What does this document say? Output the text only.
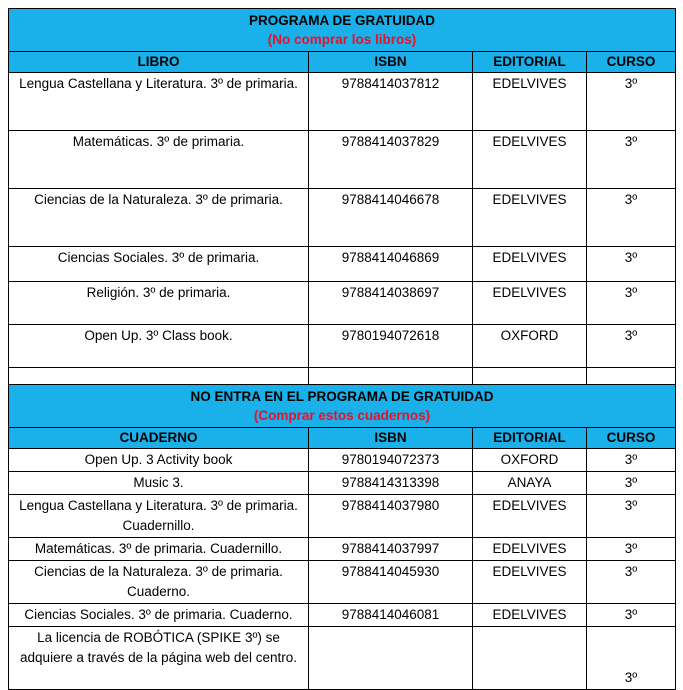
PROGRAMA DE GRATUIDAD
(No comprar los libros)			

LIBRO	ISBN	EDITORIAL	CURSO
Lengua Castellana y Literatura. 3º de primaria.	9788414037812	EDELVIVES	3º
Matemáticas. 3º de primaria.	9788414037829	EDELVIVES	3º
Ciencias de la Naturaleza. 3º de primaria.	9788414046678	EDELVIVES	3º
Ciencias Sociales. 3º de primaria.	9788414046869	EDELVIVES	3º
Religión. 3º de primaria.	9788414038697	EDELVIVES	3º
Open Up. 3º Class book.	9780194072618	OXFORD	3º

NO ENTRA EN EL PROGRAMA DE GRATUIDAD
(Comprar estos cuadernos)			

CUADERNO	ISBN	EDITORIAL	CURSO
Open Up. 3 Activity book	9780194072373	OXFORD	3º
Music 3.	9788414313398	ANAYA	3º
Lengua Castellana y Literatura. 3º de primaria. Cuadernillo.	9788414037980	EDELVIVES	3º
Matemáticas. 3º de primaria. Cuadernillo.	9788414037997	EDELVIVES	3º
Ciencias de la Naturaleza. 3º de primaria. Cuaderno.	9788414045930	EDELVIVES	3º
Ciencias Sociales. 3º de primaria. Cuaderno.	9788414046081	EDELVIVES	3º
La licencia de ROBÓTICA (SPIKE 3º) se adquiere a través de la página web del centro.			3º
